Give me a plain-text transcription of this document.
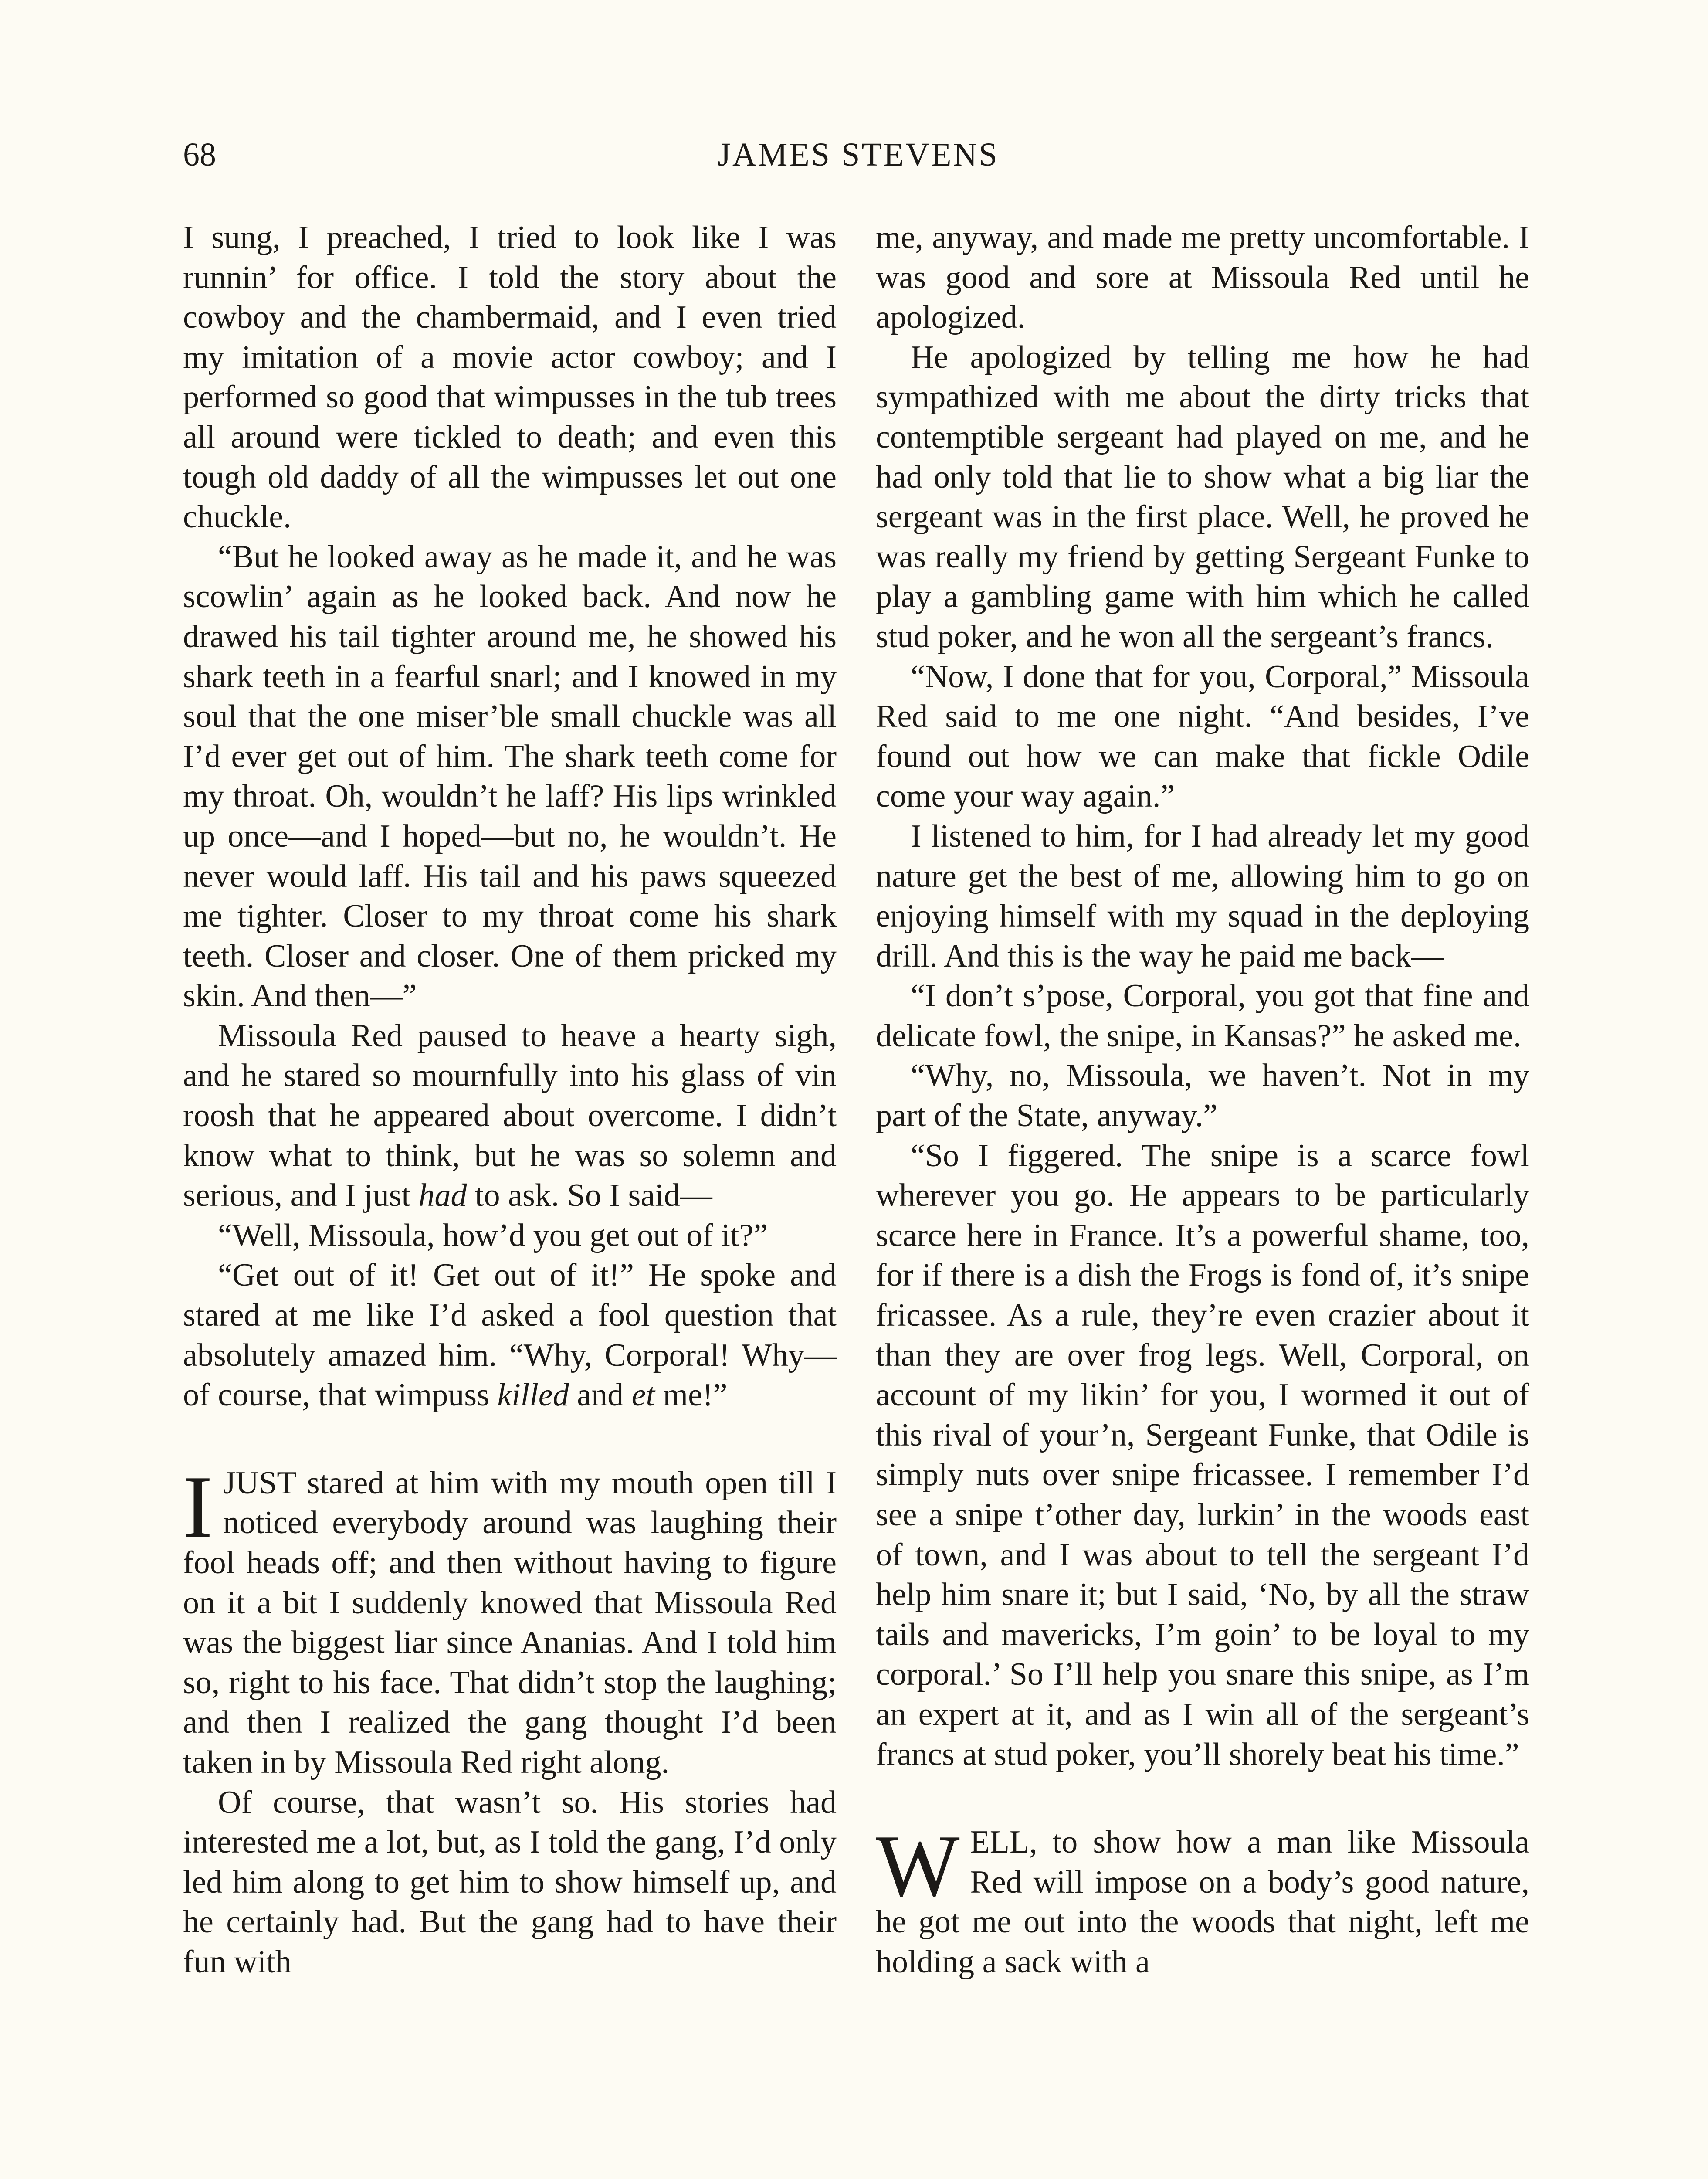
68	JAMES STEVENS

I sung, I preached, I tried to look like I was runnin’ for office. I told the story about the cowboy and the chambermaid, and I even tried my imitation of a movie actor cowboy; and I performed so good that wimpusses in the tub trees all around were tickled to death; and even this tough old daddy of all the wimpusses let out one chuckle.

“But he looked away as he made it, and he was scowlin’ again as he looked back. And now he drawed his tail tighter around me, he showed his shark teeth in a fearful snarl; and I knowed in my soul that the one miser’ble small chuckle was all I’d ever get out of him. The shark teeth come for my throat. Oh, wouldn’t he laff? His lips wrinkled up once—and I hoped—but no, he wouldn’t. He never would laff. His tail and his paws squeezed me tighter. Closer to my throat come his shark teeth. Closer and closer. One of them pricked my skin. And then—”

Missoula Red paused to heave a hearty sigh, and he stared so mournfully into his glass of vin roosh that he appeared about overcome. I didn’t know what to think, but he was so solemn and serious, and I just had to ask. So I said—

“Well, Missoula, how’d you get out of it?”

“Get out of it! Get out of it!” He spoke and stared at me like I’d asked a fool question that absolutely amazed him. “Why, Corporal! Why—of course, that wimpuss killed and et me!”

IJUST stared at him with my mouth open till I noticed everybody around was laughing their fool heads off; and then without having to figure on it a bit I suddenly knowed that Missoula Red was the biggest liar since Ananias. And I told him so, right to his face. That didn’t stop the laughing; and then I realized the gang thought I’d been taken in by Missoula Red right along.

Of course, that wasn’t so. His stories had interested me a lot, but, as I told the gang, I’d only led him along to get him to show himself up, and he certainly had. But the gang had to have their fun with

me, anyway, and made me pretty uncomfortable. I was good and sore at Missoula Red until he apologized.

He apologized by telling me how he had sympathized with me about the dirty tricks that contemptible sergeant had played on me, and he had only told that lie to show what a big liar the sergeant was in the first place. Well, he proved he was really my friend by getting Sergeant Funke to play a gambling game with him which he called stud poker, and he won all the sergeant’s francs.

“Now, I done that for you, Corporal,” Missoula Red said to me one night. “And besides, I’ve found out how we can make that fickle Odile come your way again.”

I listened to him, for I had already let my good nature get the best of me, allowing him to go on enjoying himself with my squad in the deploying drill. And this is the way he paid me back—

“I don’t s’pose, Corporal, you got that fine and delicate fowl, the snipe, in Kansas?” he asked me.

“Why, no, Missoula, we haven’t. Not in my part of the State, anyway.”

“So I figgered. The snipe is a scarce fowl wherever you go. He appears to be particularly scarce here in France. It’s a powerful shame, too, for if there is a dish the Frogs is fond of, it’s snipe fricassee. As a rule, they’re even crazier about it than they are over frog legs. Well, Corporal, on account of my likin’ for you, I wormed it out of this rival of your’n, Sergeant Funke, that Odile is simply nuts over snipe fricassee. I remember I’d see a snipe t’other day, lurkin’ in the woods east of town, and I was about to tell the sergeant I’d help him snare it; but I said, ‘No, by all the straw tails and mavericks, I’m goin’ to be loyal to my corporal.’ So I’ll help you snare this snipe, as I’m an expert at it, and as I win all of the sergeant’s francs at stud poker, you’ll shorely beat his time.”

WELL, to show how a man like Missoula Red will impose on a body’s good nature, he got me out into the woods that night, left me holding a sack with a
